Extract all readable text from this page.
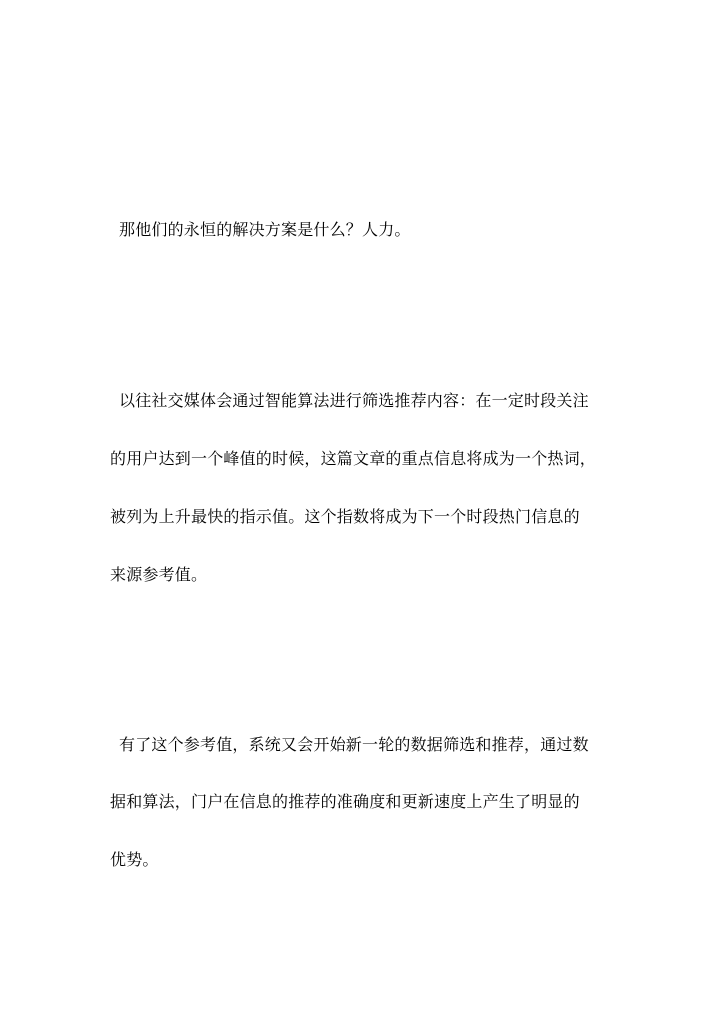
那他们的永恒的解决方案是什么？人力。
以往社交媒体会通过智能算法进行筛选推荐内容：在一定时段关注
的用户达到一个峰值的时候，这篇文章的重点信息将成为一个热词，
被列为上升最快的指示值。这个指数将成为下一个时段热门信息的
来源参考值。
有了这个参考值，系统又会开始新一轮的数据筛选和推荐，通过数
据和算法，门户在信息的推荐的准确度和更新速度上产生了明显的
优势。
